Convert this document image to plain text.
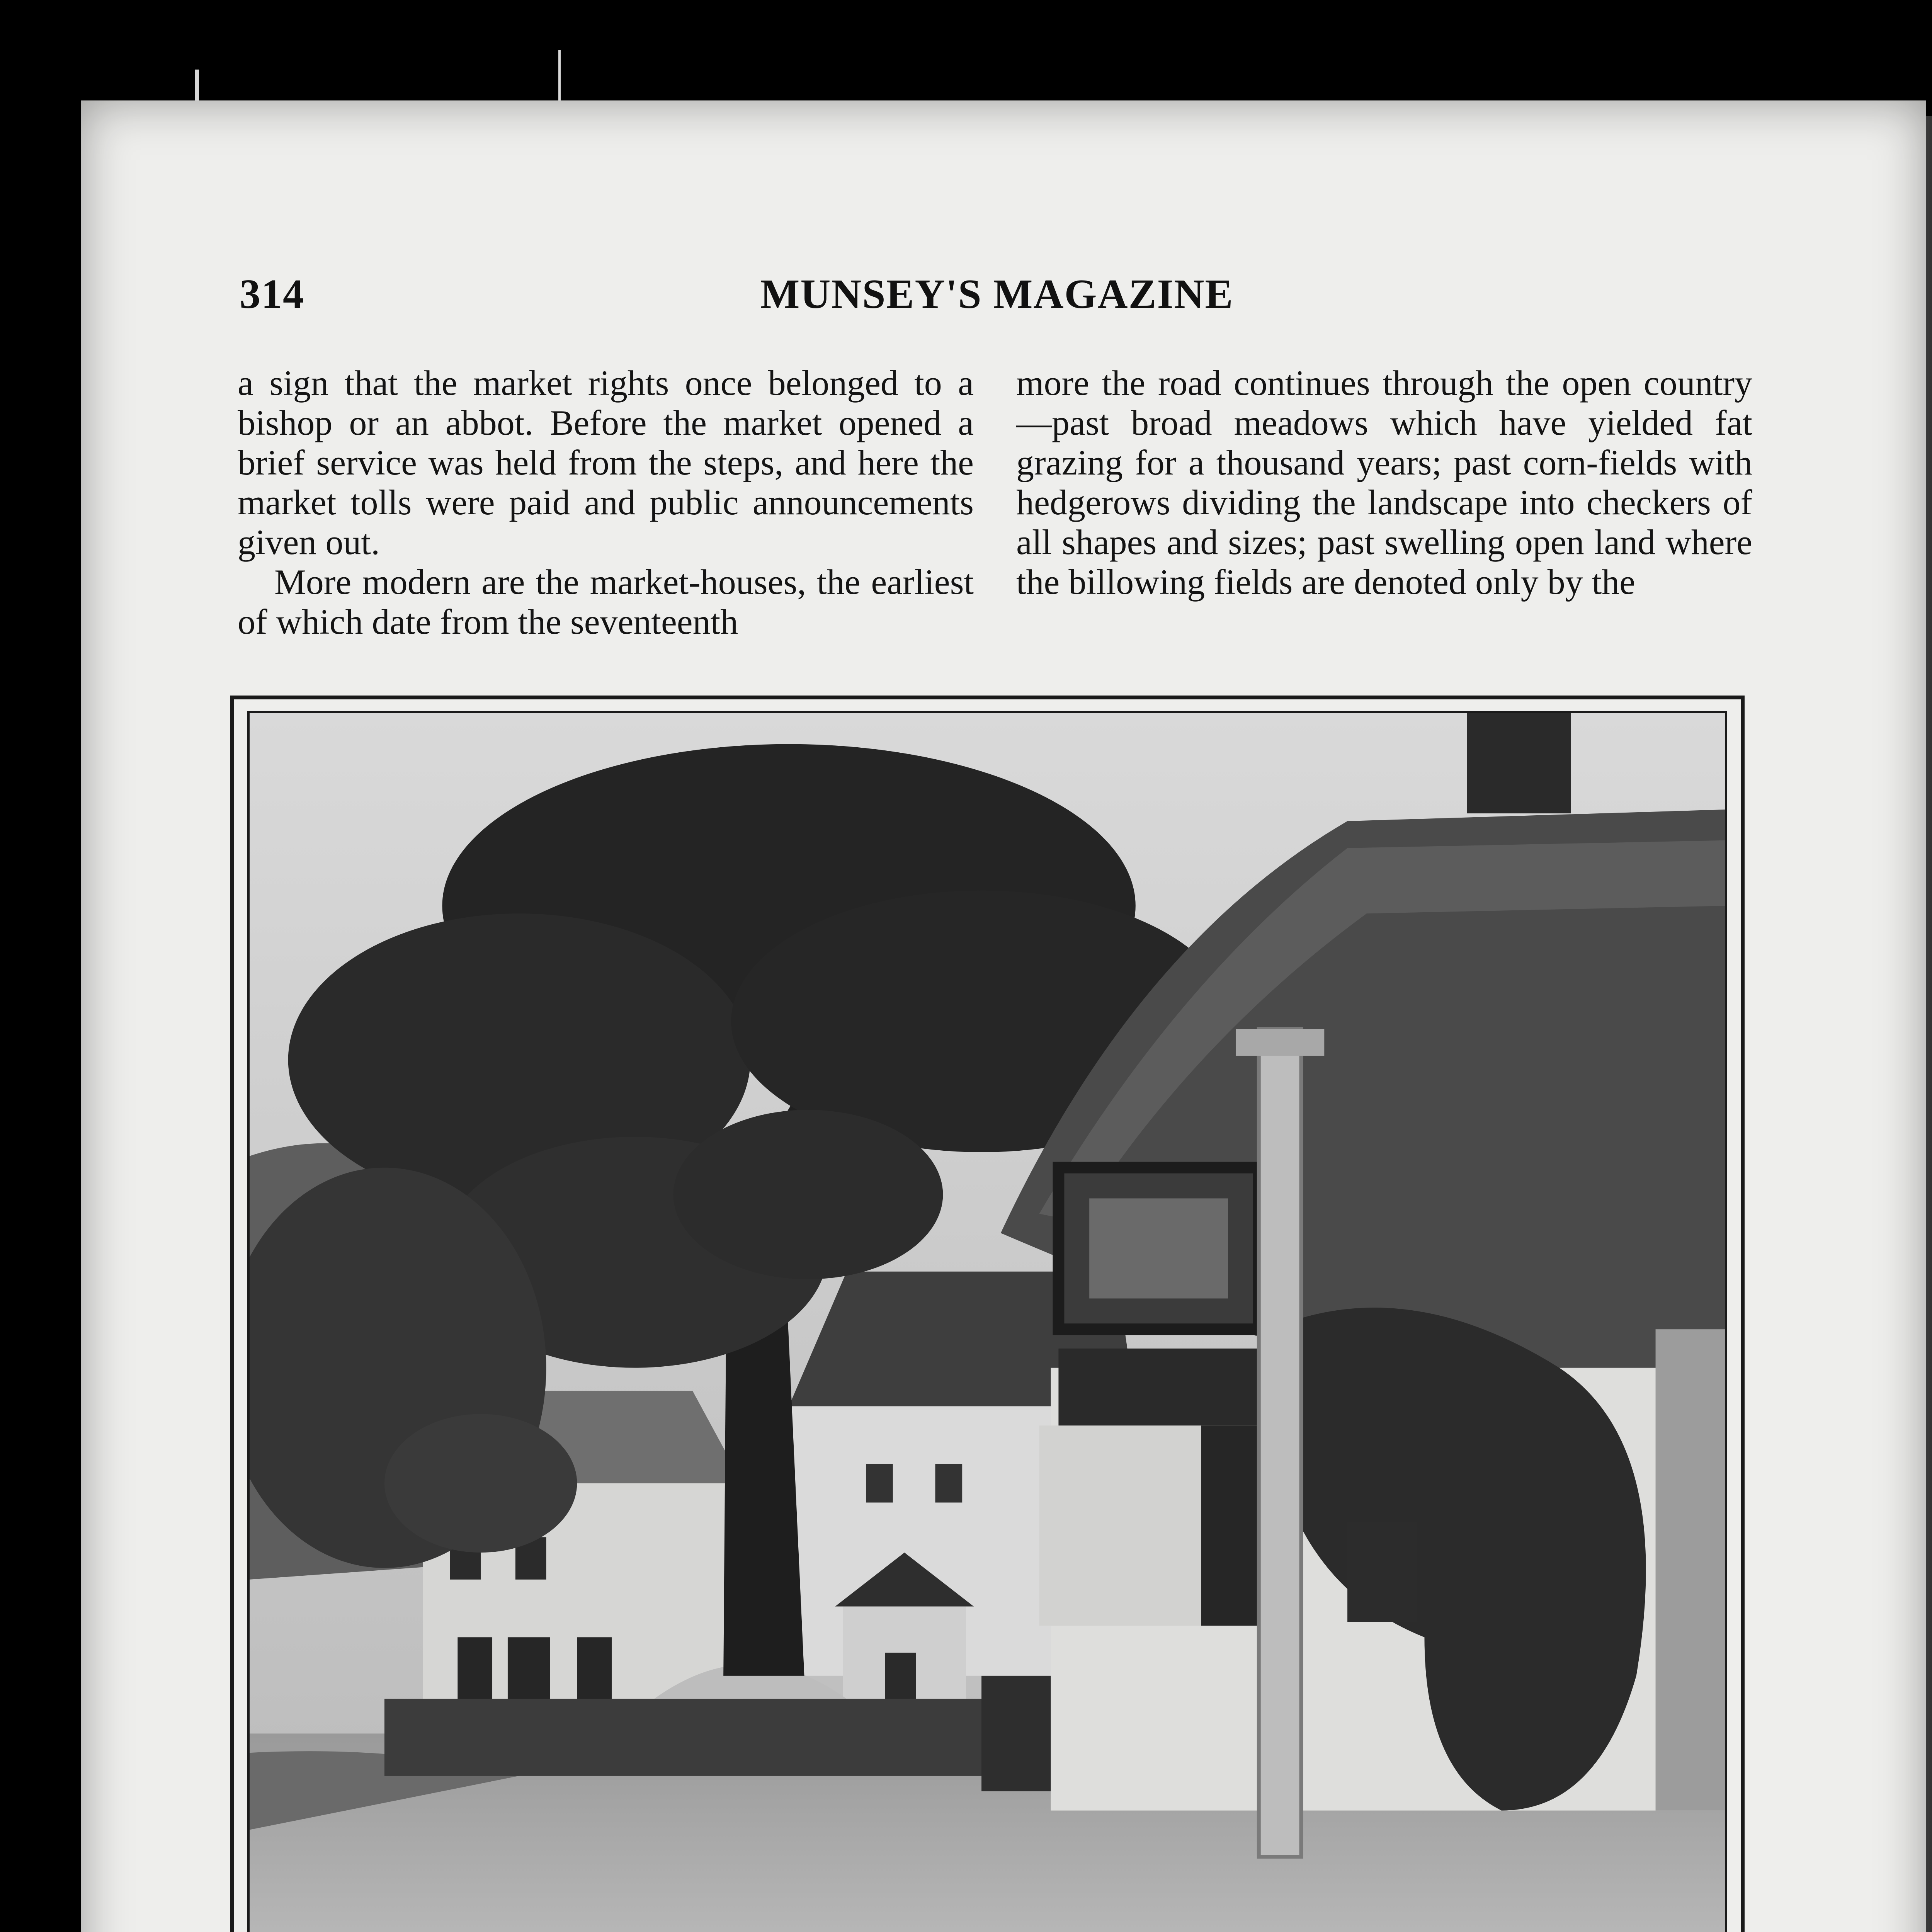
314	MUNSEY'S MAGAZINE

a sign that the market rights once belonged to a bishop or an abbot. Before the market opened a brief service was held from the steps, and here the market tolls were paid and public announcements given out.

More modern are the market-houses, the earliest of which date from the seventeenth

more the road continues through the open country—past broad meadows which have yielded fat grazing for a thousand years; past corn-fields with hedgerows dividing the landscape into checkers of all shapes and sizes; past swelling open land where the billowing fields are denoted only by the
